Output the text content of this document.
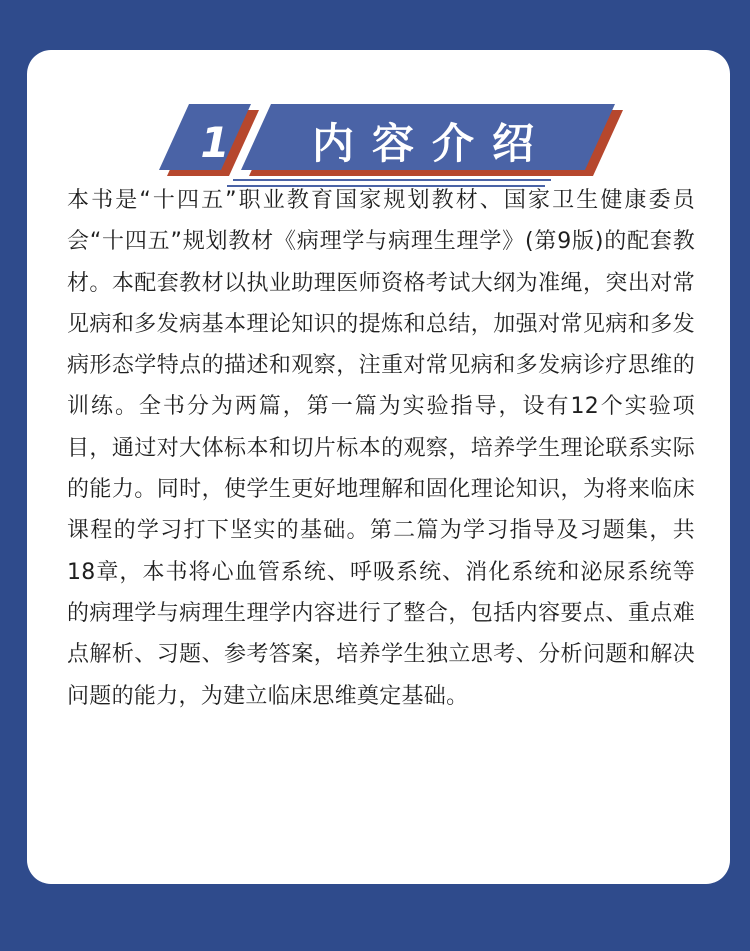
1	内容介绍

本书是“十四五”职业教育国家规划教材、国家卫生健康委员会“十四五”规划教材《病理学与病理生理学》(第9版)的配套教材。本配套教材以执业助理医师资格考试大纲为准绳，突出对常见病和多发病基本理论知识的提炼和总结，加强对常见病和多发病形态学特点的描述和观察，注重对常见病和多发病诊疗思维的训练。全书分为两篇，第一篇为实验指导，设有12个实验项目，通过对大体标本和切片标本的观察，培养学生理论联系实际的能力。同时，使学生更好地理解和固化理论知识，为将来临床课程的学习打下坚实的基础。第二篇为学习指导及习题集，共18章，本书将心血管系统、呼吸系统、消化系统和泌尿系统等的病理学与病理生理学内容进行了整合，包括内容要点、重点难点解析、习题、参考答案，培养学生独立思考、分析问题和解决问题的能力，为建立临床思维奠定基础。
